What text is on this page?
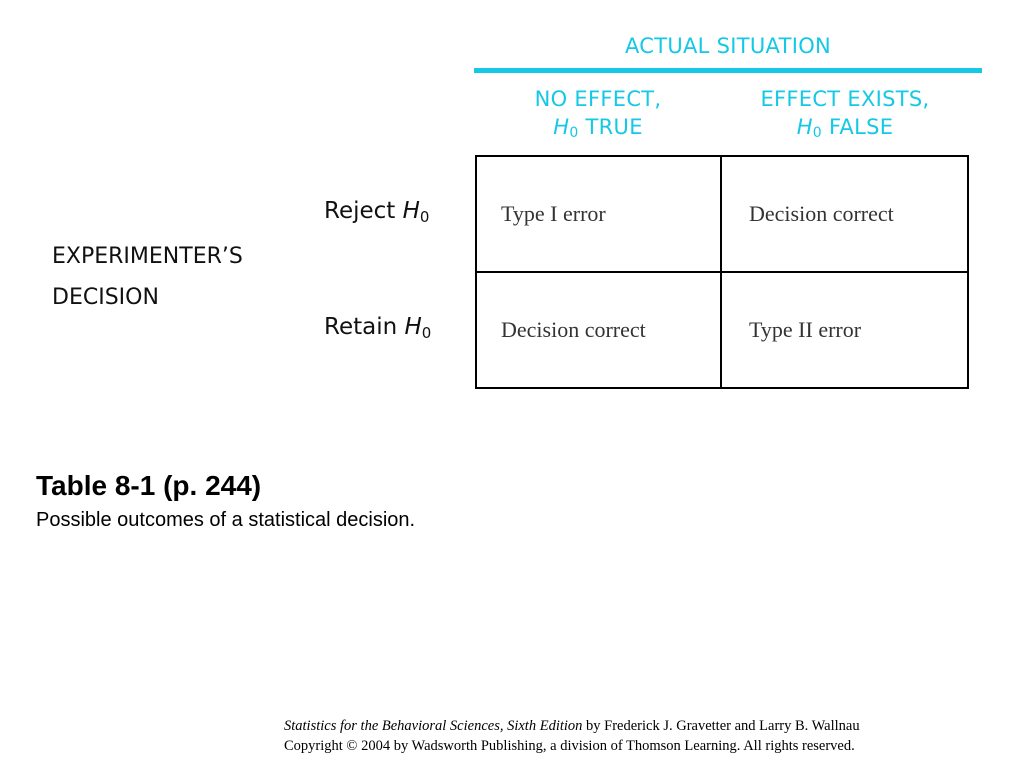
ACTUAL SITUATION
NO EFFECT,
H0 TRUE
EFFECT EXISTS,
H0 FALSE
Reject H0
Retain H0
EXPERIMENTER’S
DECISION
Type I error	Decision correct
Decision correct	Type II error
Table 8-1 (p. 244)
Possible outcomes of a statistical decision.
Statistics for the Behavioral Sciences, Sixth Edition by Frederick J. Gravetter and Larry B. Wallnau
Copyright © 2004 by Wadsworth Publishing, a division of Thomson Learning. All rights reserved.
